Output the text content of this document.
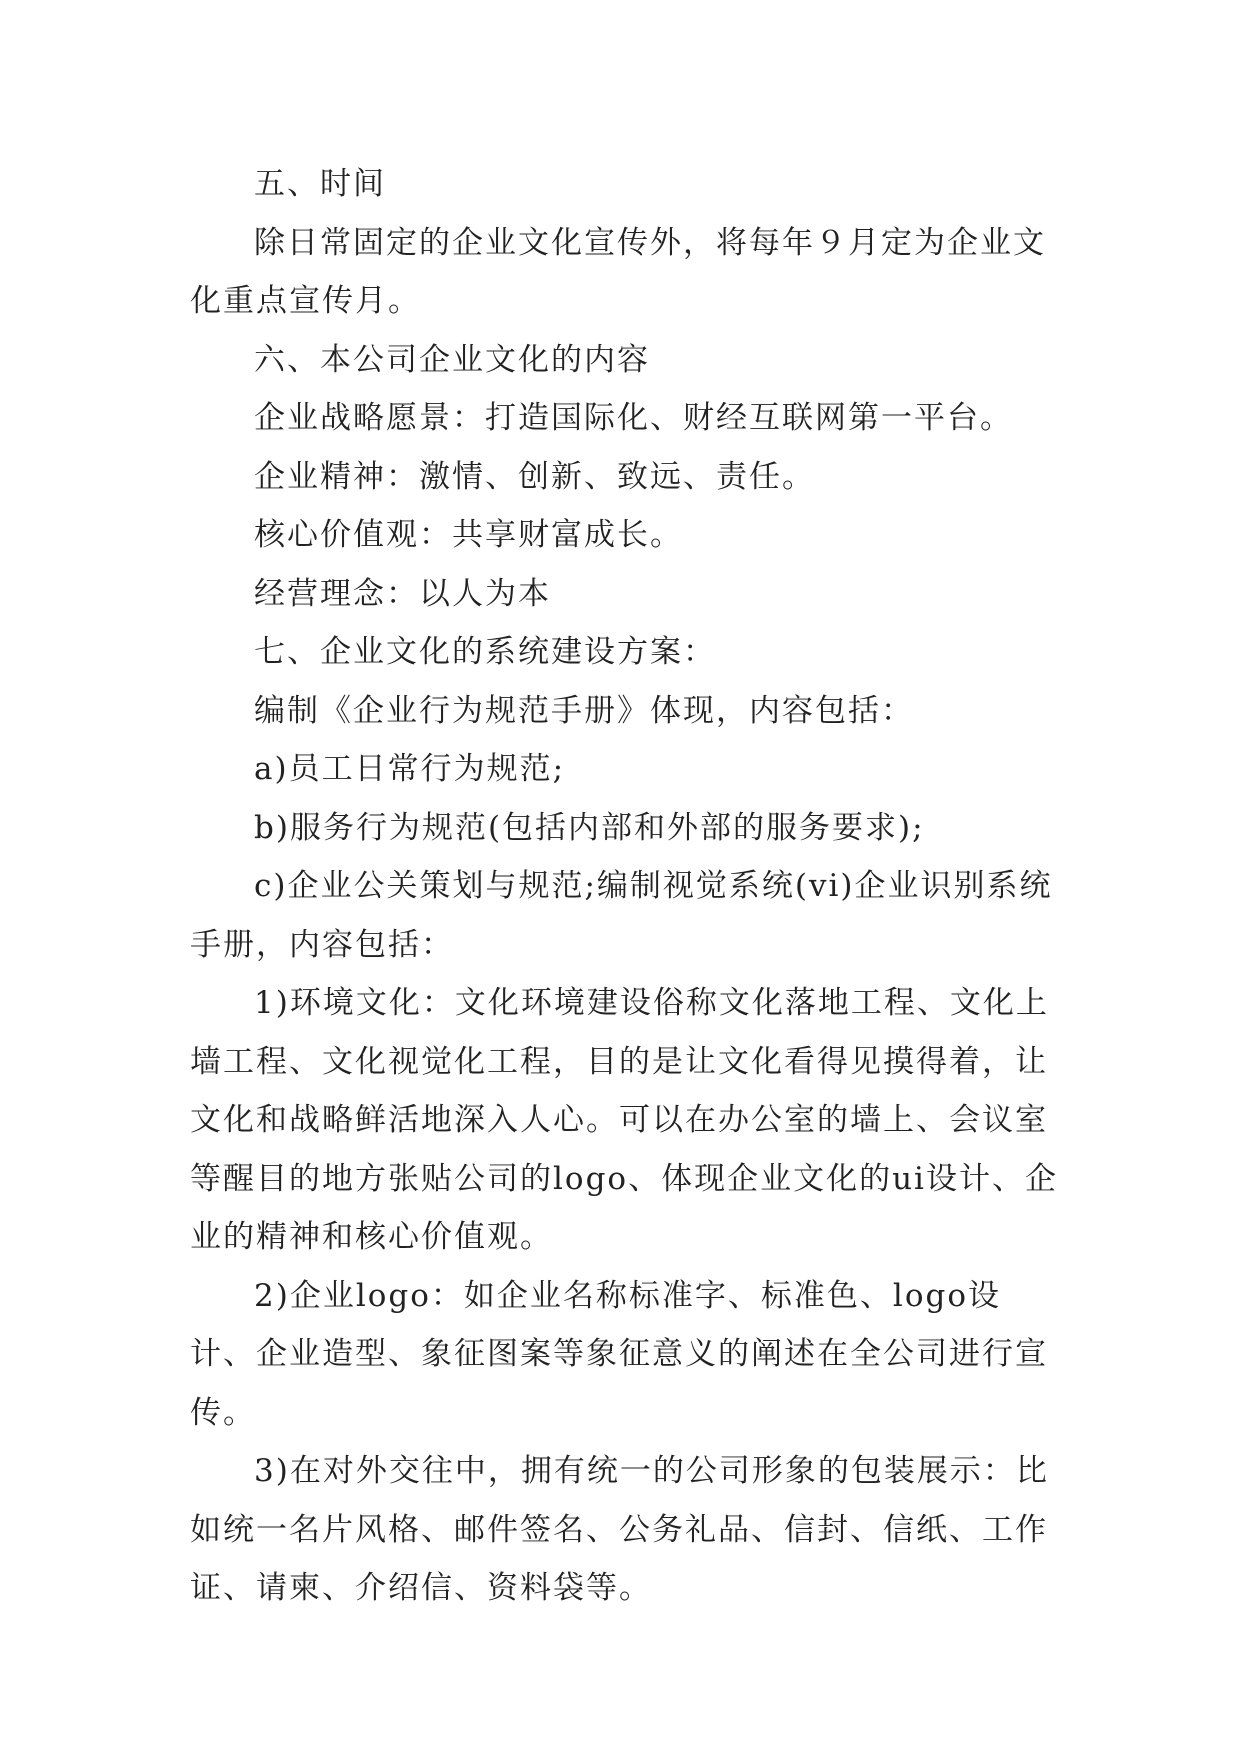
五、时间

除日常固定的企业文化宣传外，将每年９月定为企业文化重点宣传月。

六、本公司企业文化的内容

企业战略愿景：打造国际化、财经互联网第一平台。

企业精神：激情、创新、致远、责任。

核心价值观：共享财富成长。

经营理念：以人为本

七、企业文化的系统建设方案：

编制《企业行为规范手册》体现，内容包括：

a)员工日常行为规范;

b)服务行为规范(包括内部和外部的服务要求);

c)企业公关策划与规范;编制视觉系统(vi)企业识别系统手册，内容包括：

1)环境文化：文化环境建设俗称文化落地工程、文化上墙工程、文化视觉化工程，目的是让文化看得见摸得着，让文化和战略鲜活地深入人心。可以在办公室的墙上、会议室等醒目的地方张贴公司的logo、体现企业文化的ui设计、企业的精神和核心价值观。

2)企业logo：如企业名称标准字、标准色、logo设计、企业造型、象征图案等象征意义的阐述在全公司进行宣传。

3)在对外交往中，拥有统一的公司形象的包装展示：比如统一名片风格、邮件签名、公务礼品、信封、信纸、工作证、请柬、介绍信、资料袋等。
